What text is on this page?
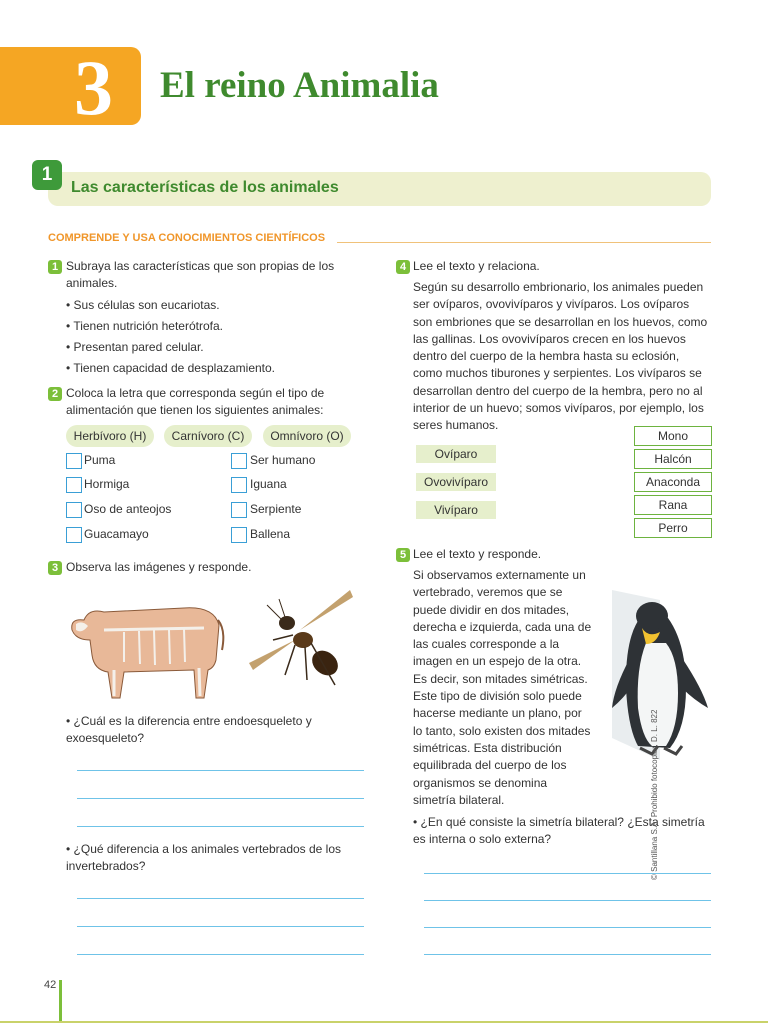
3 El reino Animalia
1
Las características de los animales
COMPRENDE Y USA CONOCIMIENTOS CIENTÍFICOS
1 Subraya las características que son propias de los animales.
• Sus células son eucariotas.
• Tienen nutrición heterótrofa.
• Presentan pared celular.
• Tienen capacidad de desplazamiento.
2 Coloca la letra que corresponda según el tipo de alimentación que tienen los siguientes animales:
Herbívoro (H)	Carnívoro (C)	Omnívoro (O)
Puma
Hormiga
Oso de anteojos
Guacamayo
Ser humano
Iguana
Serpiente
Ballena
3 Observa las imágenes y responde.
• ¿Cuál es la diferencia entre endoesqueleto y exoesqueleto?
• ¿Qué diferencia a los animales vertebrados de los invertebrados?
4 Lee el texto y relaciona.
Según su desarrollo embrionario, los animales pueden ser ovíparos, ovovivíparos y vivíparos. Los ovíparos son embriones que se desarrollan en los huevos, como las gallinas. Los ovovivíparos crecen en los huevos dentro del cuerpo de la hembra hasta su eclosión, como muchos tiburones y serpientes. Los vivíparos se desarrollan dentro del cuerpo de la hembra, pero no al interior de un huevo; somos vivíparos, por ejemplo, los seres humanos.
Ovíparo
Ovovivíparo
Vivíparo
Mono
Halcón
Anaconda
Rana
Perro
5 Lee el texto y responde.
Si observamos externamente un vertebrado, veremos que se puede dividir en dos mitades, derecha e izquierda, cada una de las cuales corresponde a la imagen en un espejo de la otra. Es decir, son mitades simétricas. Este tipo de división solo puede hacerse mediante un plano, por lo tanto, solo existen dos mitades simétricas. Esta distribución equilibrada del cuerpo de los organismos se denomina simetría bilateral.
• ¿En qué consiste la simetría bilateral? ¿Esta simetría es interna o solo externa?	© Santillana S.A. Prohibido fotocopiar. D. L. 822
42
